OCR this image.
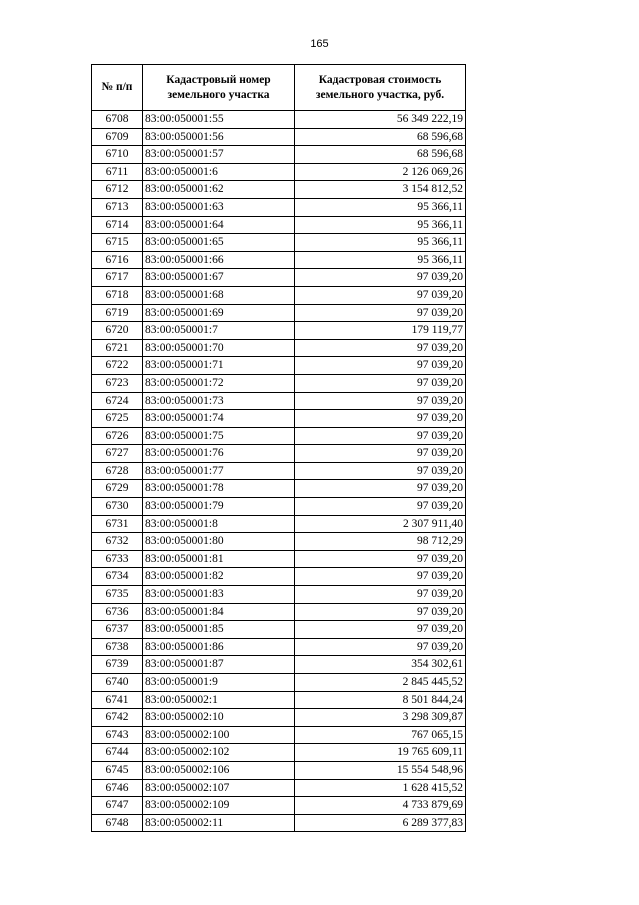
165
№ п/п	Кадастровый номер земельного участка	Кадастровая стоимость земельного участка, руб.
6708	83:00:050001:55	56 349 222,19
6709	83:00:050001:56	68 596,68
6710	83:00:050001:57	68 596,68
6711	83:00:050001:6	2 126 069,26
6712	83:00:050001:62	3 154 812,52
6713	83:00:050001:63	95 366,11
6714	83:00:050001:64	95 366,11
6715	83:00:050001:65	95 366,11
6716	83:00:050001:66	95 366,11
6717	83:00:050001:67	97 039,20
6718	83:00:050001:68	97 039,20
6719	83:00:050001:69	97 039,20
6720	83:00:050001:7	179 119,77
6721	83:00:050001:70	97 039,20
6722	83:00:050001:71	97 039,20
6723	83:00:050001:72	97 039,20
6724	83:00:050001:73	97 039,20
6725	83:00:050001:74	97 039,20
6726	83:00:050001:75	97 039,20
6727	83:00:050001:76	97 039,20
6728	83:00:050001:77	97 039,20
6729	83:00:050001:78	97 039,20
6730	83:00:050001:79	97 039,20
6731	83:00:050001:8	2 307 911,40
6732	83:00:050001:80	98 712,29
6733	83:00:050001:81	97 039,20
6734	83:00:050001:82	97 039,20
6735	83:00:050001:83	97 039,20
6736	83:00:050001:84	97 039,20
6737	83:00:050001:85	97 039,20
6738	83:00:050001:86	97 039,20
6739	83:00:050001:87	354 302,61
6740	83:00:050001:9	2 845 445,52
6741	83:00:050002:1	8 501 844,24
6742	83:00:050002:10	3 298 309,87
6743	83:00:050002:100	767 065,15
6744	83:00:050002:102	19 765 609,11
6745	83:00:050002:106	15 554 548,96
6746	83:00:050002:107	1 628 415,52
6747	83:00:050002:109	4 733 879,69
6748	83:00:050002:11	6 289 377,83
